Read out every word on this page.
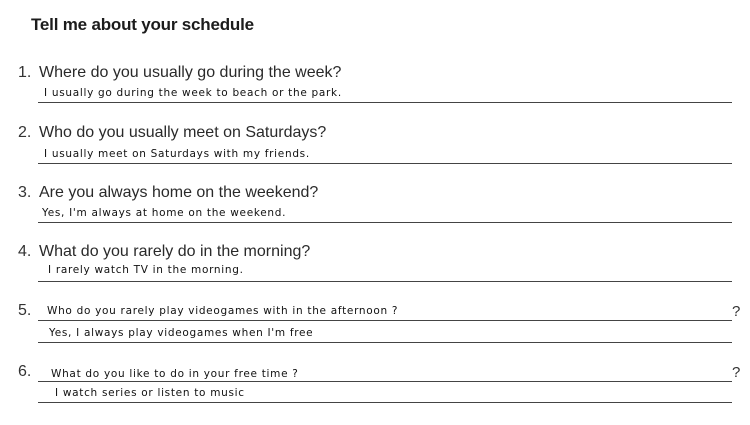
Tell me about your schedule
1. Where do you usually go during the week?
I usually go during the week to beach or the park.
2. Who do you usually meet on Saturdays?
I usually meet on Saturdays with my friends.
3. Are you always home on the weekend?
Yes, I'm always at home on the weekend.
4. What do you rarely do in the morning?
I rarely watch TV in the morning.
5. Who do you rarely play videogames with in the afternoon ?	?
Yes, I always play videogames when I'm free
6. What do you like to do in your free time ?	?
I watch series or listen to music
